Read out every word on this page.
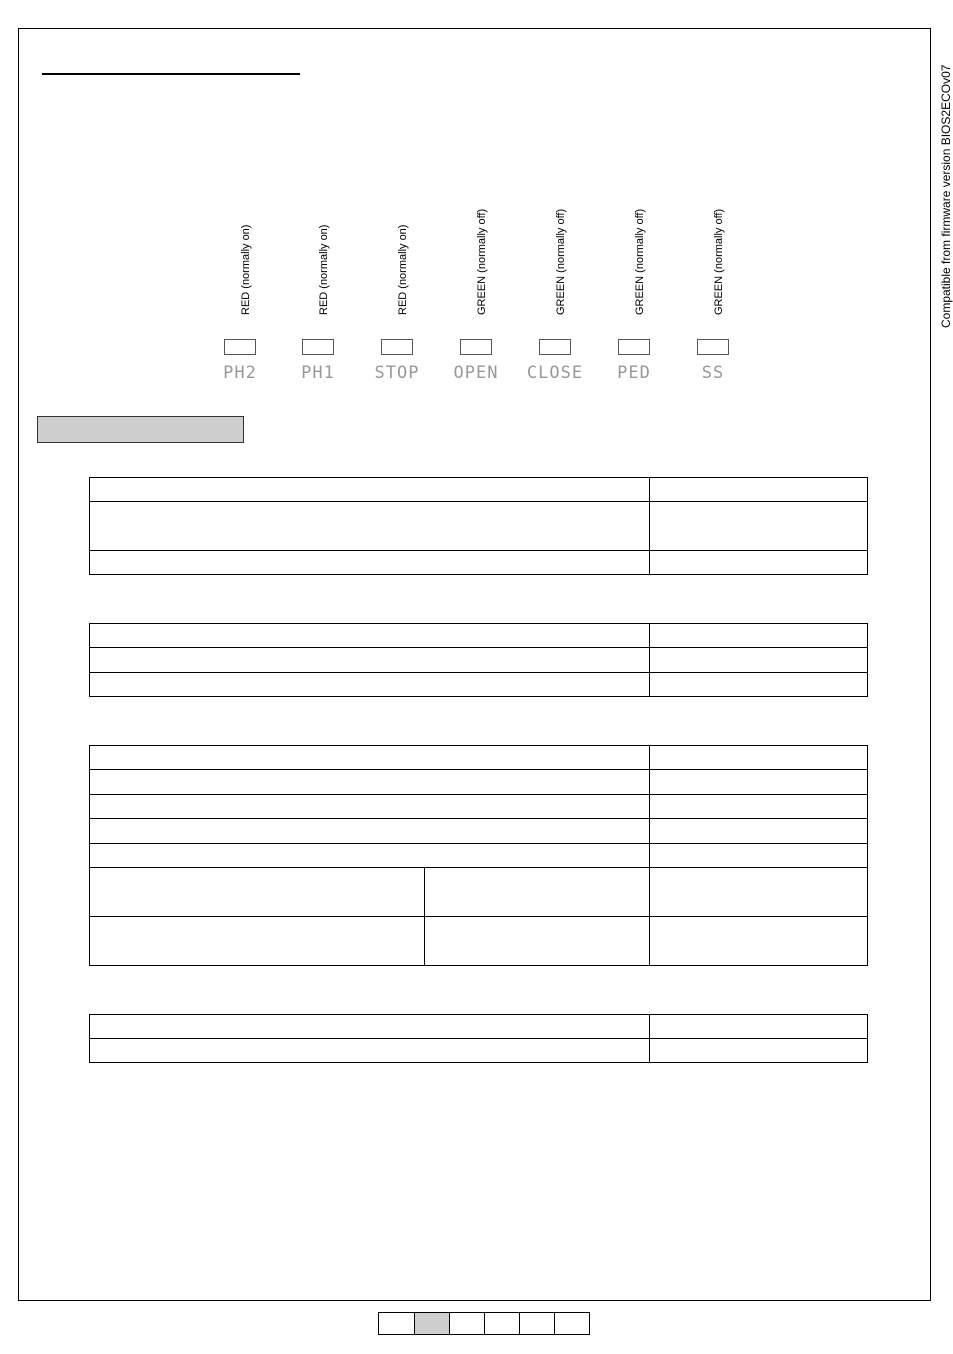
Compatible from firmware version BIOS2ECOv07
RED (normally on)
PH2
RED (normally on)
PH1
RED (normally on)
STOP
GREEN (normally off)
OPEN
GREEN (normally off)
CLOSE
GREEN (normally off)
PED
GREEN (normally off)
SS
